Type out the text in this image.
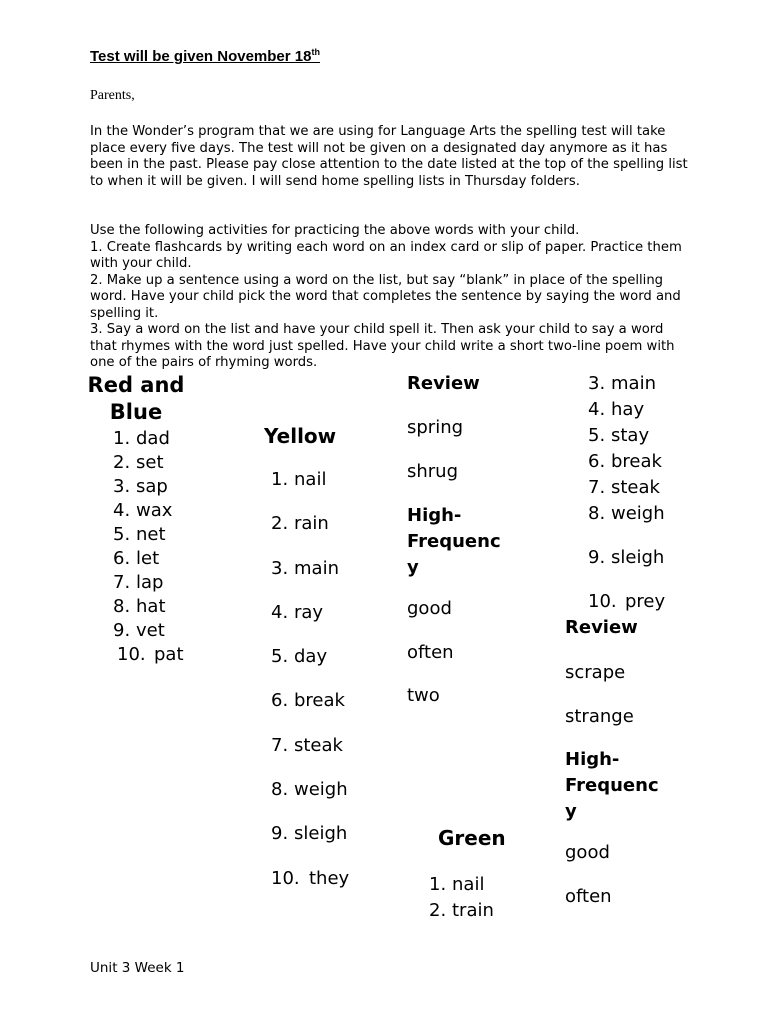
Test will be given November 18th
Parents,
In the Wonder’s program that we are using for Language Arts the spelling test will take place every five days. The test will not be given on a designated day anymore as it has been in the past. Please pay close attention to the date listed at the top of the spelling list to when it will be given. I will send home spelling lists in Thursday folders.
Use the following activities for practicing the above words with your child.
1. Create flashcards by writing each word on an index card or slip of paper. Practice them with your child.
2. Make up a sentence using a word on the list, but say “blank” in place of the spelling word. Have your child pick the word that completes the sentence by saying the word and spelling it.
3. Say a word on the list and have your child spell it. Then ask your child to say a word that rhymes with the word just spelled. Have your child write a short two-line poem with one of the pairs of rhyming words.
Red and Blue
1. dad
2. set
3. sap
4. wax
5. net
6. let
7. lap
8. hat
9. vet
10. pat
Yellow
1. nail
2. rain
3. main
4. ray
5. day
6. break
7. steak
8. weigh
9. sleigh
10. they
Review
spring
shrug
High-
Frequenc
y
good
often
two
Green
1. nail
2. train
3. main
4. hay
5. stay
6. break
7. steak
8. weigh
9. sleigh
10. prey
Review
scrape
strange
High-
Frequenc
y
good
often
Unit 3 Week 1
